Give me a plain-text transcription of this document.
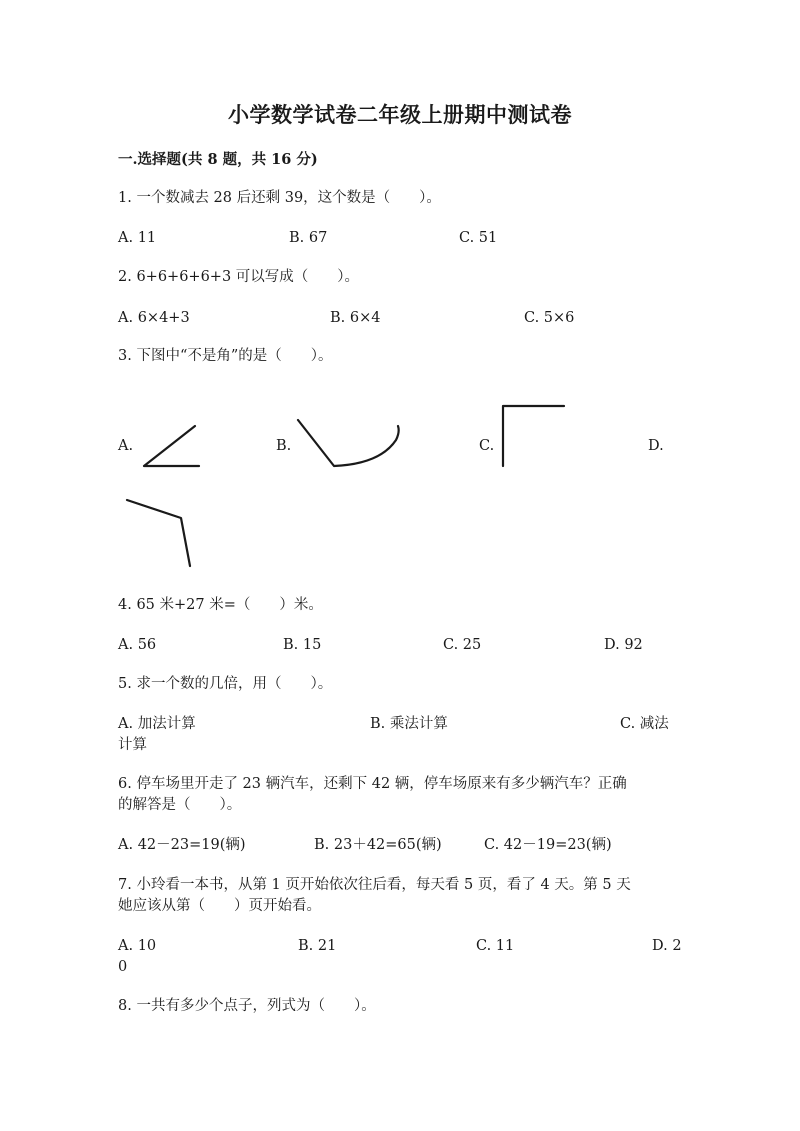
小学数学试卷二年级上册期中测试卷
一.选择题(共 8 题，共 16 分)
1. 一个数减去 28 后还剩 39，这个数是（　　）。
A. 11	B. 67	C. 51
2. 6+6+6+6+3 可以写成（　　）。
A. 6×4+3	B. 6×4	C. 5×6
3. 下图中“不是角”的是（　　）。
A.	B.	C.	D.
4. 65 米+27 米=（　　）米。
A. 56	B. 15	C. 25	D. 92
5. 求一个数的几倍，用（　　）。
A. 加法计算	B. 乘法计算	C. 减法
计算
6. 停车场里开走了 23 辆汽车，还剩下 42 辆，停车场原来有多少辆汽车？正确
的解答是（　　）。
A. 42－23=19(辆)	B. 23＋42=65(辆)	C. 42－19=23(辆)
7. 小玲看一本书，从第 1 页开始依次往后看，每天看 5 页，看了 4 天。第 5 天
她应该从第（　　）页开始看。
A. 10	B. 21	C. 11	D. 2
0
8. 一共有多少个点子，列式为（　　）。
